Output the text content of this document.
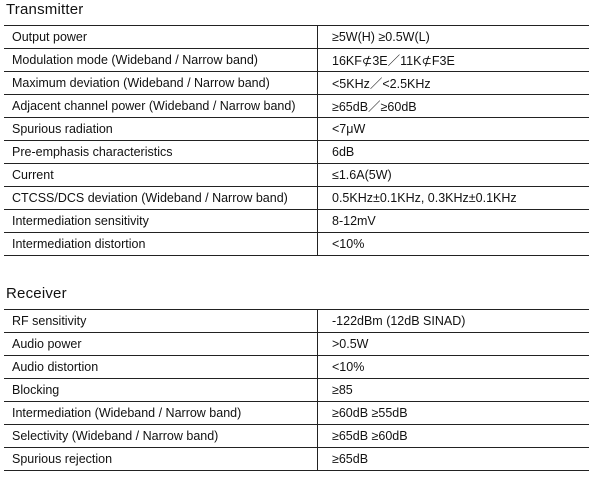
Transmitter
Output power	≥5W(H) ≥0.5W(L)
Modulation mode (Wideband / Narrow band)	16KF⊄3E／11K⊄F3E
Maximum deviation (Wideband / Narrow band)	<5KHz／<2.5KHz
Adjacent channel power (Wideband / Narrow band)	≥65dB／≥60dB
Spurious radiation	<7μW
Pre-emphasis characteristics	6dB
Current	≤1.6A(5W)
CTCSS/DCS deviation (Wideband / Narrow band)	0.5KHz±0.1KHz, 0.3KHz±0.1KHz
Intermediation sensitivity	8-12mV
Intermediation distortion	<10%
Receiver
RF sensitivity	-122dBm (12dB SINAD)
Audio power	>0.5W
Audio distortion	<10%
Blocking	≥85
Intermediation (Wideband / Narrow band)	≥60dB ≥55dB
Selectivity (Wideband / Narrow band)	≥65dB ≥60dB
Spurious rejection	≥65dB
